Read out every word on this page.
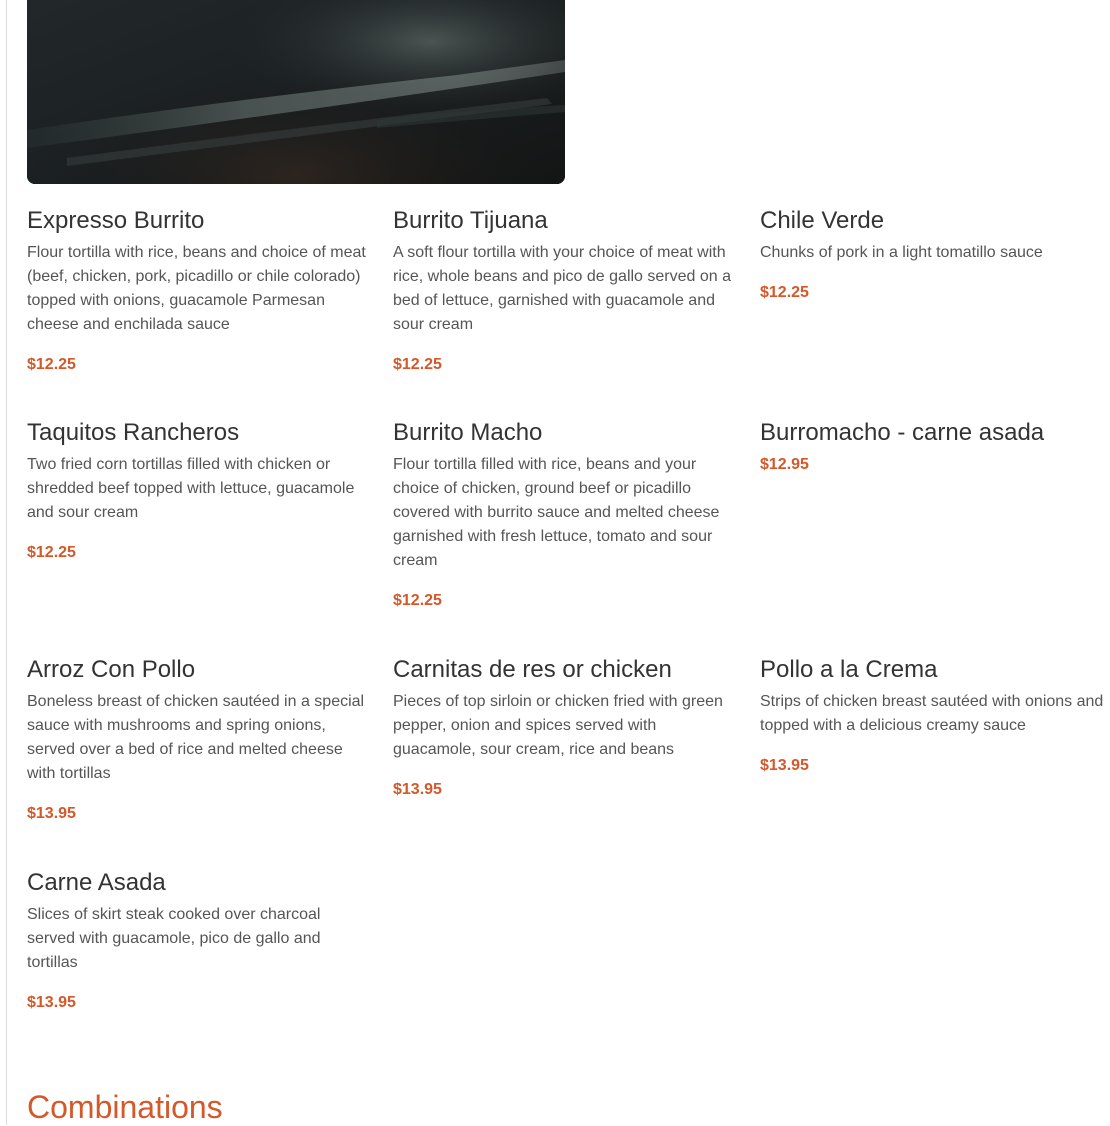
Expresso Burrito

Flour tortilla with rice, beans and choice of meat (beef, chicken, pork, picadillo or chile colorado) topped with onions, guacamole Parmesan cheese and enchilada sauce

$12.25

Burrito Tijuana

A soft flour tortilla with your choice of meat with rice, whole beans and pico de gallo served on a bed of lettuce, garnished with guacamole and sour cream

$12.25

Chile Verde

Chunks of pork in a light tomatillo sauce

$12.25

Taquitos Rancheros

Two fried corn tortillas filled with chicken or shredded beef topped with lettuce, guacamole and sour cream

$12.25

Burrito Macho

Flour tortilla filled with rice, beans and your choice of chicken, ground beef or picadillo covered with burrito sauce and melted cheese garnished with fresh lettuce, tomato and sour cream

$12.25

Burromacho - carne asada

$12.95

Arroz Con Pollo

Boneless breast of chicken sautéed in a special sauce with mushrooms and spring onions, served over a bed of rice and melted cheese with tortillas

$13.95

Carnitas de res or chicken

Pieces of top sirloin or chicken fried with green pepper, onion and spices served with guacamole, sour cream, rice and beans

$13.95

Pollo a la Crema

Strips of chicken breast sautéed with onions and topped with a delicious creamy sauce

$13.95

Carne Asada

Slices of skirt steak cooked over charcoal served with guacamole, pico de gallo and tortillas

$13.95

Combinations
